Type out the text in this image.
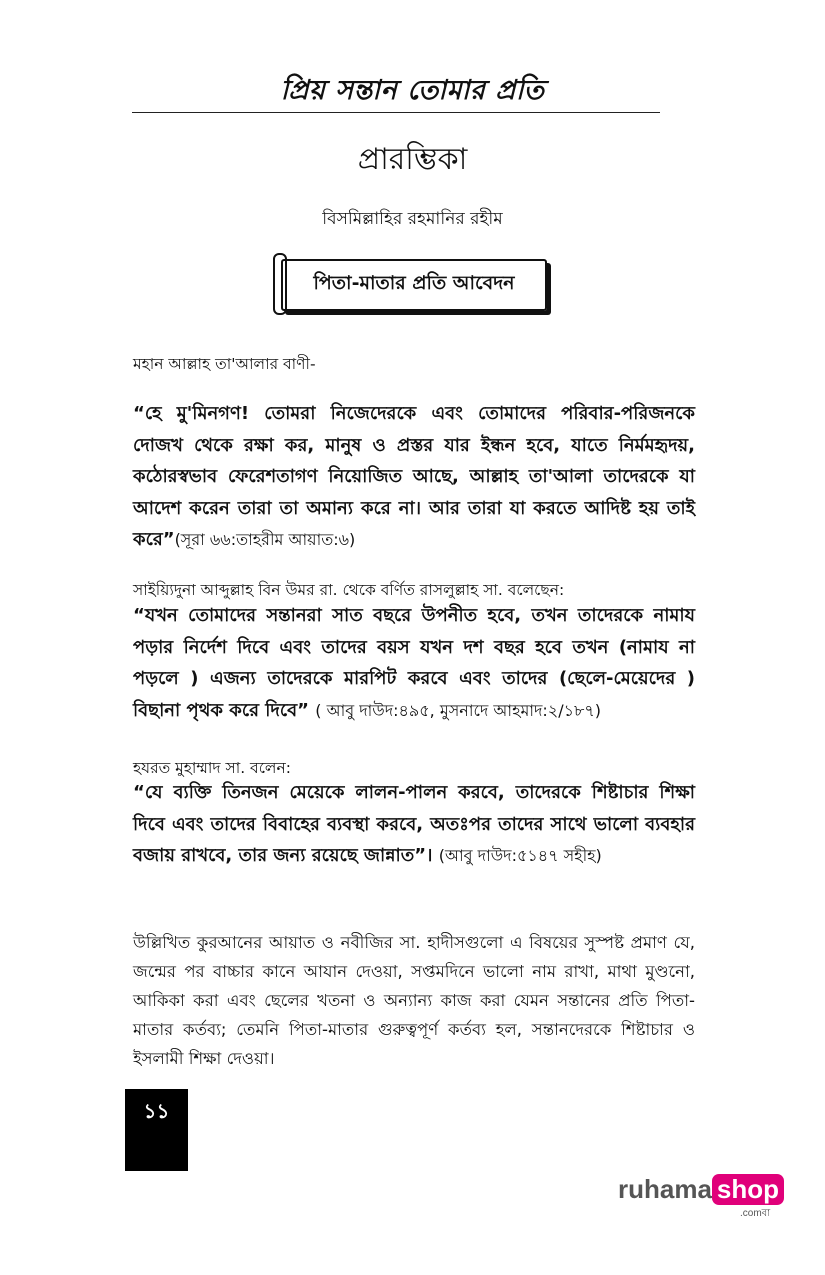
প্রিয় সন্তান তোমার প্রতি
প্রারম্ভিকা
বিসমিল্লাহির রহমানির রহীম
পিতা-মাতার প্রতি আবেদন
মহান আল্লাহ তা'আলার বাণী-
“হে মু'মিনগণ! তোমরা নিজেদেরকে এবং তোমাদের পরিবার-পরিজনকে দোজখ থেকে রক্ষা কর, মানুষ ও প্রস্তর যার ইন্ধন হবে, যাতে নির্মমহৃদয়, কঠোরস্বভাব ফেরেশতাগণ নিয়োজিত আছে, আল্লাহ তা'আলা তাদেরকে যা আদেশ করেন তারা তা অমান্য করে না। আর তারা যা করতে আদিষ্ট হয় তাই করে”(সূরা ৬৬:তাহরীম আয়াত:৬)
সাইয়্যিদুনা আব্দুল্লাহ বিন উমর রা. থেকে বর্ণিত রাসলুল্লাহ সা. বলেছেন:
“যখন তোমাদের সন্তানরা সাত বছরে উপনীত হবে, তখন তাদেরকে নামায পড়ার নির্দেশ দিবে এবং তাদের বয়স যখন দশ বছর হবে তখন (নামায না পড়লে ) এজন্য তাদেরকে মারপিট করবে এবং তাদের (ছেলে-মেয়েদের ) বিছানা পৃথক করে দিবে” ( আবু দাউদ:৪৯৫, মুসনাদে আহমাদ:২/১৮৭)
হযরত মুহাম্মাদ সা. বলেন:
“যে ব্যক্তি তিনজন মেয়েকে লালন-পালন করবে, তাদেরকে শিষ্টাচার শিক্ষা দিবে এবং তাদের বিবাহের ব্যবস্থা করবে, অতঃপর তাদের সাথে ভালো ব্যবহার বজায় রাখবে, তার জন্য রয়েছে জান্নাত”। (আবু দাউদ:৫১৪৭ সহীহ)
উল্লিখিত কুরআনের আয়াত ও নবীজির সা. হাদীসগুলো এ বিষয়ের সুস্পষ্ট প্রমাণ যে, জন্মের পর বাচ্চার কানে আযান দেওয়া, সপ্তমদিনে ভালো নাম রাখা, মাথা মুণ্ডনো, আকিকা করা এবং ছেলের খতনা ও অন্যান্য কাজ করা যেমন সন্তানের প্রতি পিতা-মাতার কর্তব্য; তেমনি পিতা-মাতার গুরুত্বপূর্ণ কর্তব্য হল, সন্তানদেরকে শিষ্টাচার ও ইসলামী শিক্ষা দেওয়া।
১১
ruhama shop
.comবা
